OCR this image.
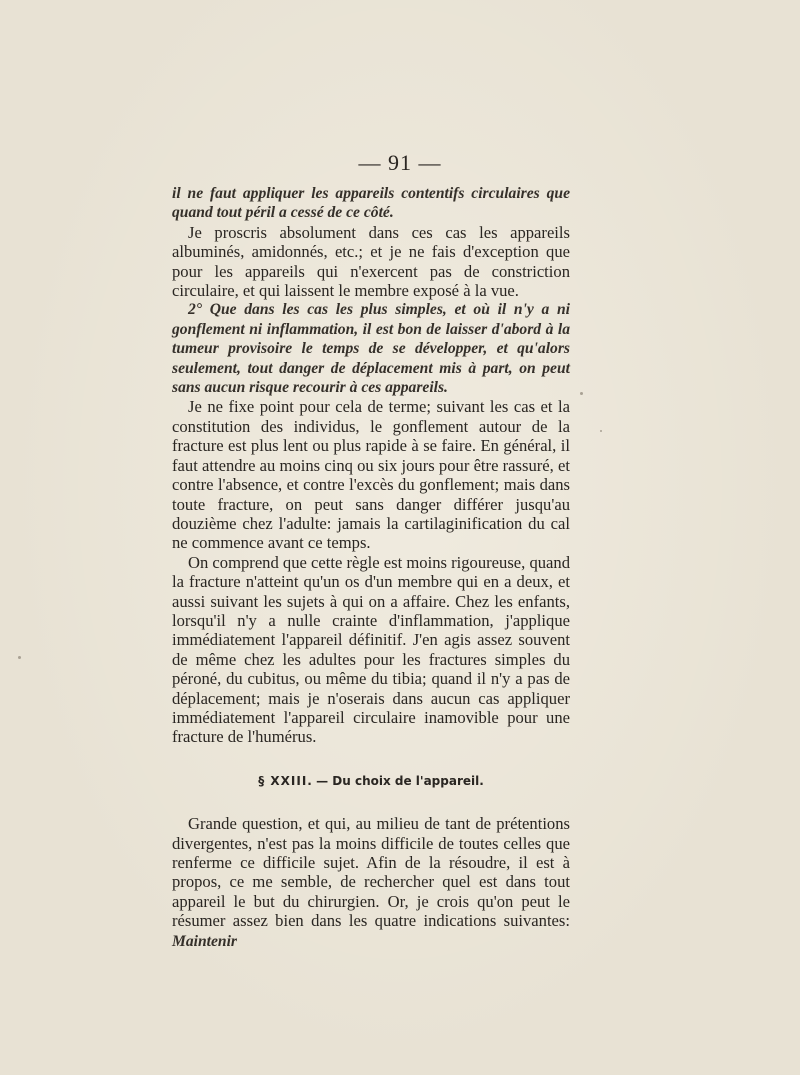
— 91 —

il ne faut appliquer les appareils contentifs circulaires que quand tout péril a cessé de ce côté.

Je proscris absolument dans ces cas les appareils albuminés, amidonnés, etc.; et je ne fais d'exception que pour les appareils qui n'exercent pas de constriction circulaire, et qui laissent le membre exposé à la vue.

2° Que dans les cas les plus simples, et où il n'y a ni gonflement ni inflammation, il est bon de laisser d'abord à la tumeur provisoire le temps de se développer, et qu'alors seulement, tout danger de déplacement mis à part, on peut sans aucun risque recourir à ces appareils.

Je ne fixe point pour cela de terme; suivant les cas et la constitution des individus, le gonflement autour de la fracture est plus lent ou plus rapide à se faire. En général, il faut attendre au moins cinq ou six jours pour être rassuré, et contre l'absence, et contre l'excès du gonflement; mais dans toute fracture, on peut sans danger différer jusqu'au douzième chez l'adulte: jamais la cartilaginification du cal ne commence avant ce temps.

On comprend que cette règle est moins rigoureuse, quand la fracture n'atteint qu'un os d'un membre qui en a deux, et aussi suivant les sujets à qui on a affaire. Chez les enfants, lorsqu'il n'y a nulle crainte d'inflammation, j'applique immédiatement l'appareil définitif. J'en agis assez souvent de même chez les adultes pour les fractures simples du péroné, du cubitus, ou même du tibia; quand il n'y a pas de déplacement; mais je n'oserais dans aucun cas appliquer immédiatement l'appareil circulaire inamovible pour une fracture de l'humérus.

§ XXIII. — Du choix de l'appareil.

Grande question, et qui, au milieu de tant de prétentions divergentes, n'est pas la moins difficile de toutes celles que renferme ce difficile sujet. Afin de la résoudre, il est à propos, ce me semble, de rechercher quel est dans tout appareil le but du chirurgien. Or, je crois qu'on peut le résumer assez bien dans les quatre indications suivantes: Maintenir
